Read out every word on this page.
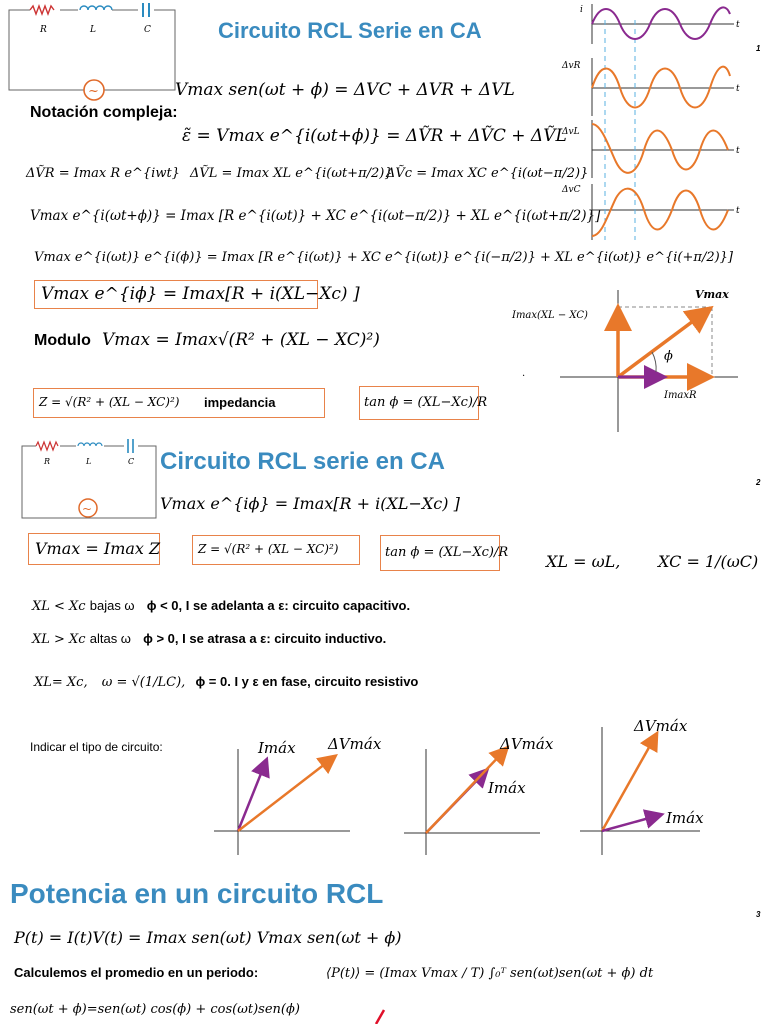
R	L	C
~
Circuito RCL Serie en CA
1
Vmax sen(ωt + ϕ) = ΔVC + ΔVR + ΔVL
Notación compleja:
ε̃ = Vmax e^{i(ωt+ϕ)} = ΔṼR + ΔṼC + ΔṼL
ΔṼR = Imax R e^{iwt} ΔṼL = Imax XL e^{i(ωt+π/2)}
ΔṼc = Imax XC e^{i(ωt−π/2)}
Vmax e^{i(ωt+ϕ)} = Imax [R e^{i(ωt)} + XC e^{i(ωt−π/2)} + XL e^{i(ωt+π/2)}]
Vmax e^{i(ωt)} e^{i(ϕ)} = Imax [R e^{i(ωt)} + XC e^{i(ωt)} e^{i(−π/2)} + XL e^{i(ωt)} e^{i(+π/2)}]
Vmax e^{iϕ} = Imax[R + i(XL−Xc) ]
Modulo Vmax = Imax√(R² + (XL − XC)²)
Z = √(R² + (XL − XC)²) impedancia	tan ϕ = (XL−Xc)/R
i
ΔvR
ΔvL
ΔvC
t
t
t
t
Vmax
Imax(XL − XC)
ImaxR
ϕ
.
R	L	C
~
Circuito RCL serie en CA
2
Vmax e^{iϕ} = Imax[R + i(XL−Xc) ]
Vmax = Imax Z	Z = √(R² + (XL − XC)²)	tan ϕ = (XL−Xc)/R XL = ωL, XC = 1/(ωC)
XL < Xc bajas ω ϕ < 0, I se adelanta a ε: circuito capacitivo.
XL > Xc altas ω ϕ > 0, I se atrasa a ε: circuito inductivo.
XL= Xc, ω = √(1/LC), ϕ = 0. I y ε en fase, circuito resistivo
Indicar el tipo de circuito:	Imáx ΔVmáx
Imáx
ΔVmáx
ΔVmáx
Imáx
Potencia en un circuito RCL
3
P(t) = I(t)V(t) = Imax sen(ωt) Vmax sen(ωt + ϕ)
Calculemos el promedio en un periodo:	⟨P(t)⟩ = (Imax Vmax / T) ∫₀ᵀ sen(ωt)sen(ωt + ϕ) dt
sen(ωt + ϕ)=sen(ωt) cos(ϕ) + cos(ωt)sen(ϕ)
